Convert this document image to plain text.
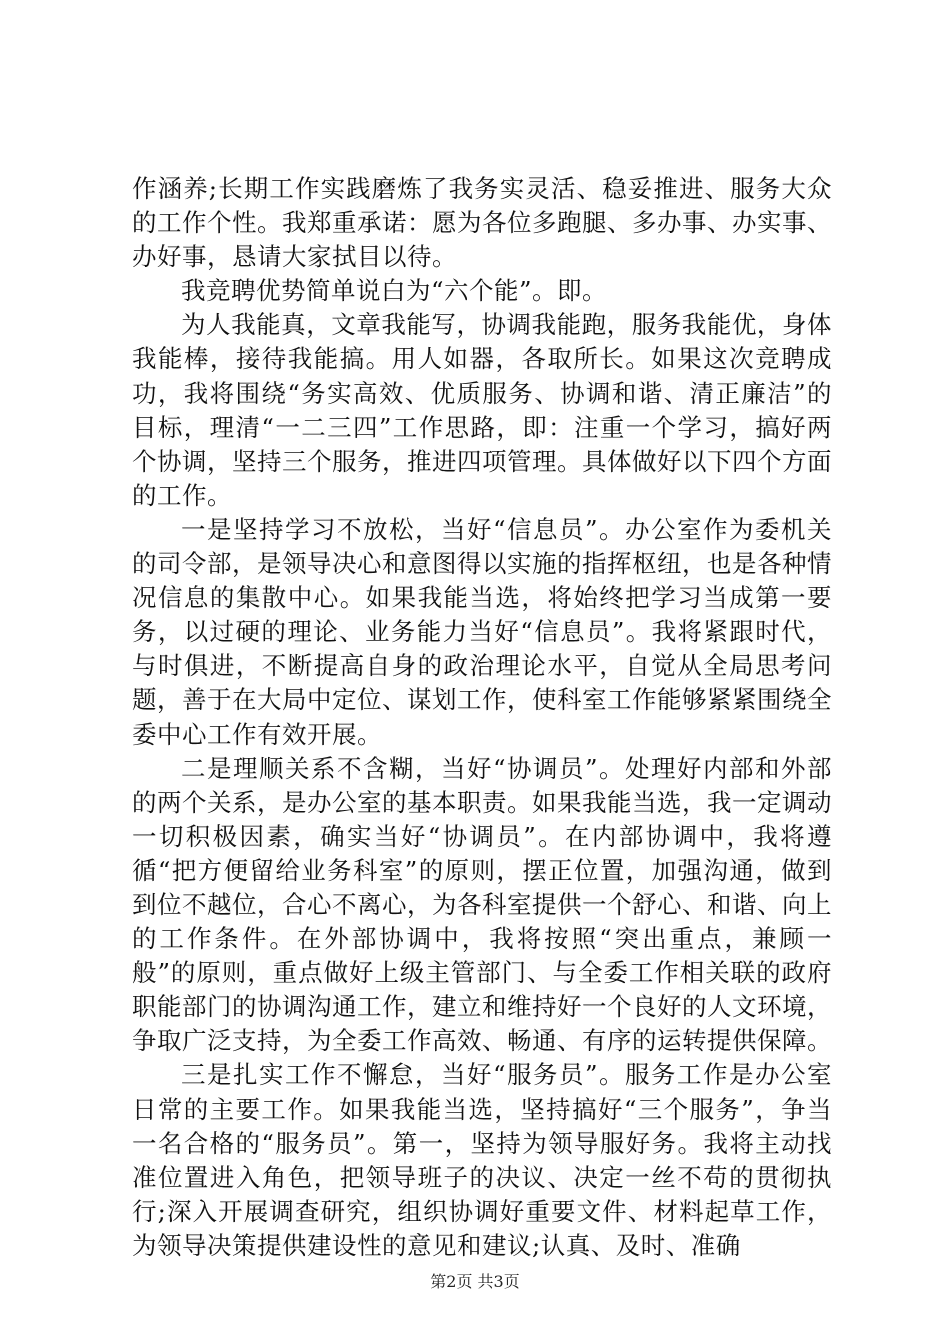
作涵养;长期工作实践磨炼了我务实灵活、稳妥推进、服务大众的工作个性。我郑重承诺：愿为各位多跑腿、多办事、办实事、办好事，恳请大家拭目以待。

我竞聘优势简单说白为“六个能”。即。

为人我能真，文章我能写，协调我能跑，服务我能优，身体我能棒，接待我能搞。用人如器，各取所长。如果这次竞聘成功，我将围绕“务实高效、优质服务、协调和谐、清正廉洁”的目标，理清“一二三四”工作思路，即：注重一个学习，搞好两个协调，坚持三个服务，推进四项管理。具体做好以下四个方面的工作。

一是坚持学习不放松，当好“信息员”。办公室作为委机关的司令部，是领导决心和意图得以实施的指挥枢纽，也是各种情况信息的集散中心。如果我能当选，将始终把学习当成第一要务，以过硬的理论、业务能力当好“信息员”。我将紧跟时代，与时俱进，不断提高自身的政治理论水平，自觉从全局思考问题，善于在大局中定位、谋划工作，使科室工作能够紧紧围绕全委中心工作有效开展。

二是理顺关系不含糊，当好“协调员”。处理好内部和外部的两个关系，是办公室的基本职责。如果我能当选，我一定调动一切积极因素，确实当好“协调员”。在内部协调中，我将遵循“把方便留给业务科室”的原则，摆正位置，加强沟通，做到到位不越位，合心不离心，为各科室提供一个舒心、和谐、向上的工作条件。在外部协调中，我将按照“突出重点，兼顾一般”的原则，重点做好上级主管部门、与全委工作相关联的政府职能部门的协调沟通工作，建立和维持好一个良好的人文环境，争取广泛支持，为全委工作高效、畅通、有序的运转提供保障。

三是扎实工作不懈怠，当好“服务员”。服务工作是办公室日常的主要工作。如果我能当选，坚持搞好“三个服务”，争当一名合格的“服务员”。第一，坚持为领导服好务。我将主动找准位置进入角色，把领导班子的决议、决定一丝不苟的贯彻执行;深入开展调查研究，组织协调好重要文件、材料起草工作，为领导决策提供建设性的意见和建议;认真、及时、准确

第2页 共3页
